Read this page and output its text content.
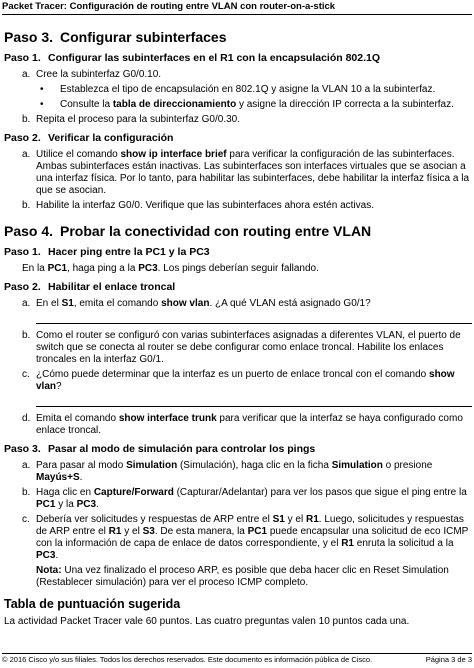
Packet Tracer: Configuración de routing entre VLAN con router-on-a-stick
Paso 3. Configurar subinterfaces
Paso 1. Configurar las subinterfaces en el R1 con la encapsulación 802.1Q
a. Cree la subinterfaz G0/0.10.
• Establezca el tipo de encapsulación en 802.1Q y asigne la VLAN 10 a la subinterfaz.
• Consulte la tabla de direccionamiento y asigne la dirección IP correcta a la subinterfaz.
b. Repita el proceso para la subinterfaz G0/0.30.
Paso 2. Verificar la configuración
a. Utilice el comando show ip interface brief para verificar la configuración de las subinterfaces. Ambas subinterfaces están inactivas. Las subinterfaces son interfaces virtuales que se asocian a una interfaz física. Por lo tanto, para habilitar las subinterfaces, debe habilitar la interfaz física a la que se asocian.
b. Habilite la interfaz G0/0. Verifique que las subinterfaces ahora estén activas.
Paso 4. Probar la conectividad con routing entre VLAN
Paso 1. Hacer ping entre la PC1 y la PC3
En la PC1, haga ping a la PC3. Los pings deberían seguir fallando.
Paso 2. Habilitar el enlace troncal
a. En el S1, emita el comando show vlan. ¿A qué VLAN está asignado G0/1?
b. Como el router se configuró con varias subinterfaces asignadas a diferentes VLAN, el puerto de switch que se conecta al router se debe configurar como enlace troncal. Habilite los enlaces troncales en la interfaz G0/1.
c. ¿Cómo puede determinar que la interfaz es un puerto de enlace troncal con el comando show vlan?
d. Emita el comando show interface trunk para verificar que la interfaz se haya configurado como enlace troncal.
Paso 3. Pasar al modo de simulación para controlar los pings
a. Para pasar al modo Simulation (Simulación), haga clic en la ficha Simulation o presione Mayús+S.
b. Haga clic en Capture/Forward (Capturar/Adelantar) para ver los pasos que sigue el ping entre la PC1 y la PC3.
c. Debería ver solicitudes y respuestas de ARP entre el S1 y el R1. Luego, solicitudes y respuestas de ARP entre el R1 y el S3. De esta manera, la PC1 puede encapsular una solicitud de eco ICMP con la información de capa de enlace de datos correspondiente, y el R1 enruta la solicitud a la PC3.
Nota: Una vez finalizado el proceso ARP, es posible que deba hacer clic en Reset Simulation (Restablecer simulación) para ver el proceso ICMP completo.
Tabla de puntuación sugerida
La actividad Packet Tracer vale 60 puntos. Las cuatro preguntas valen 10 puntos cada una.
© 2016 Cisco y/o sus filiales. Todos los derechos reservados. Este documento es información pública de Cisco.	Página 3 de 3
